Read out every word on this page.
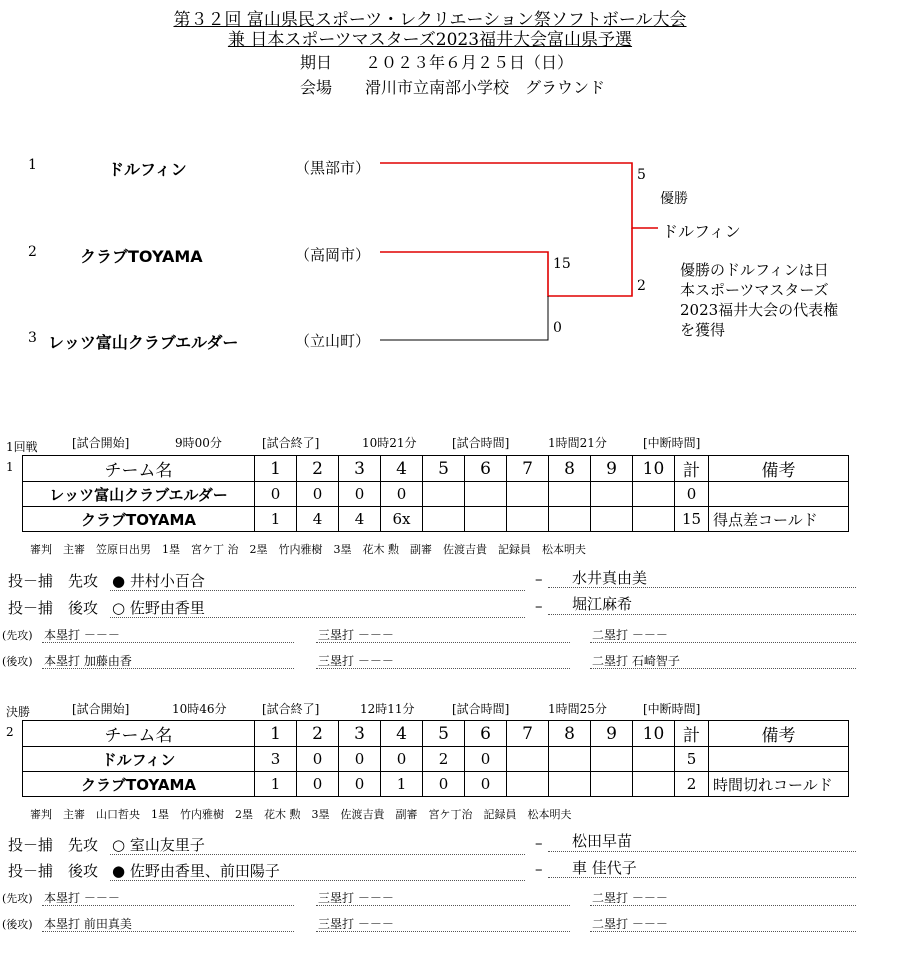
第３２回 富山県民スポーツ・レクリエーション祭ソフトボール大会
兼 日本スポーツマスターズ2023福井大会富山県予選
期日 ２０２３年６月２５日（日）
会場 滑川市立南部小学校　グラウンド
1	ドルフィン	（黒部市）
2	クラブTOYAMA	（高岡市）
3 レッツ富山クラブエルダー	（立山町）
5
2
15
0
優勝
ドルフィン
優勝のドルフィンは日
本スポーツマスターズ
2023福井大会の代表権
を獲得
1回戦	[試合開始]	9時00分	[試合終了]	10時21分	[試合時間]	1時間21分	[中断時間]
1	チーム名	1	2	3	4	5	6	7	8	9	10	計	備考
レッツ富山クラブエルダー	0	0	0	0							0	
クラブTOYAMA	1	4	4	6x							15	得点差コールド
審判　主審　笠原日出男　1塁　宮ケ丁 治　2塁　竹内雅樹　3塁　花木 勲　副審　佐渡吉貴　記録員　松本明夫
投－捕 先攻 ● 井村小百合	– 水井真由美
投－捕 後攻 ○ 佐野由香里	– 堀江麻希
(先攻) 本塁打 －－－	三塁打 －－－	二塁打 －－－
(後攻) 本塁打 加藤由香	三塁打 －－－	二塁打 石崎智子
決勝	[試合開始]	10時46分	[試合終了]	12時11分	[試合時間]	1時間25分	[中断時間]
2	チーム名	1	2	3	4	5	6	7	8	9	10	計	備考
ドルフィン	3	0	0	0	2	0					5	
クラブTOYAMA	1	0	0	1	0	0					2	時間切れコールド
審判　主審　山口哲央　1塁　竹内雅樹　2塁　花木 勲　3塁　佐渡吉貴　副審　宮ケ丁治　記録員　松本明夫
投－捕 先攻 ○ 室山友里子	– 松田早苗
投－捕 後攻 ● 佐野由香里、前田陽子	– 車 佳代子
(先攻) 本塁打 －－－	三塁打 －－－	二塁打 －－－
(後攻) 本塁打 前田真美	三塁打 －－－	二塁打 －－－
